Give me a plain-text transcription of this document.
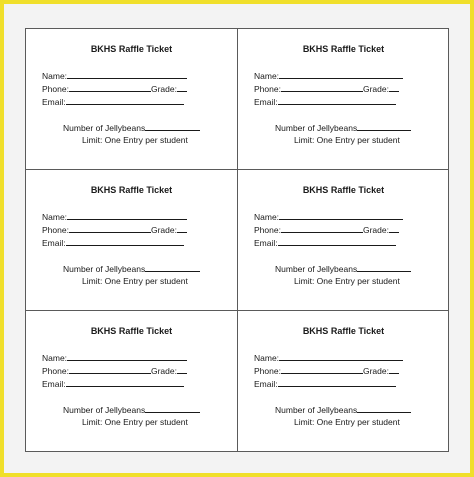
BKHS Raffle Ticket
Name:
Phone:	Grade:
Email:
Number of Jellybeans
Limit: One Entry per student
BKHS Raffle Ticket
Name:
Phone:	Grade:
Email:
Number of Jellybeans
Limit: One Entry per student
BKHS Raffle Ticket
Name:
Phone:	Grade:
Email:
Number of Jellybeans
Limit: One Entry per student
BKHS Raffle Ticket
Name:
Phone:	Grade:
Email:
Number of Jellybeans
Limit: One Entry per student
BKHS Raffle Ticket
Name:
Phone:	Grade:
Email:
Number of Jellybeans
Limit: One Entry per student
BKHS Raffle Ticket
Name:
Phone:	Grade:
Email:
Number of Jellybeans
Limit: One Entry per student
